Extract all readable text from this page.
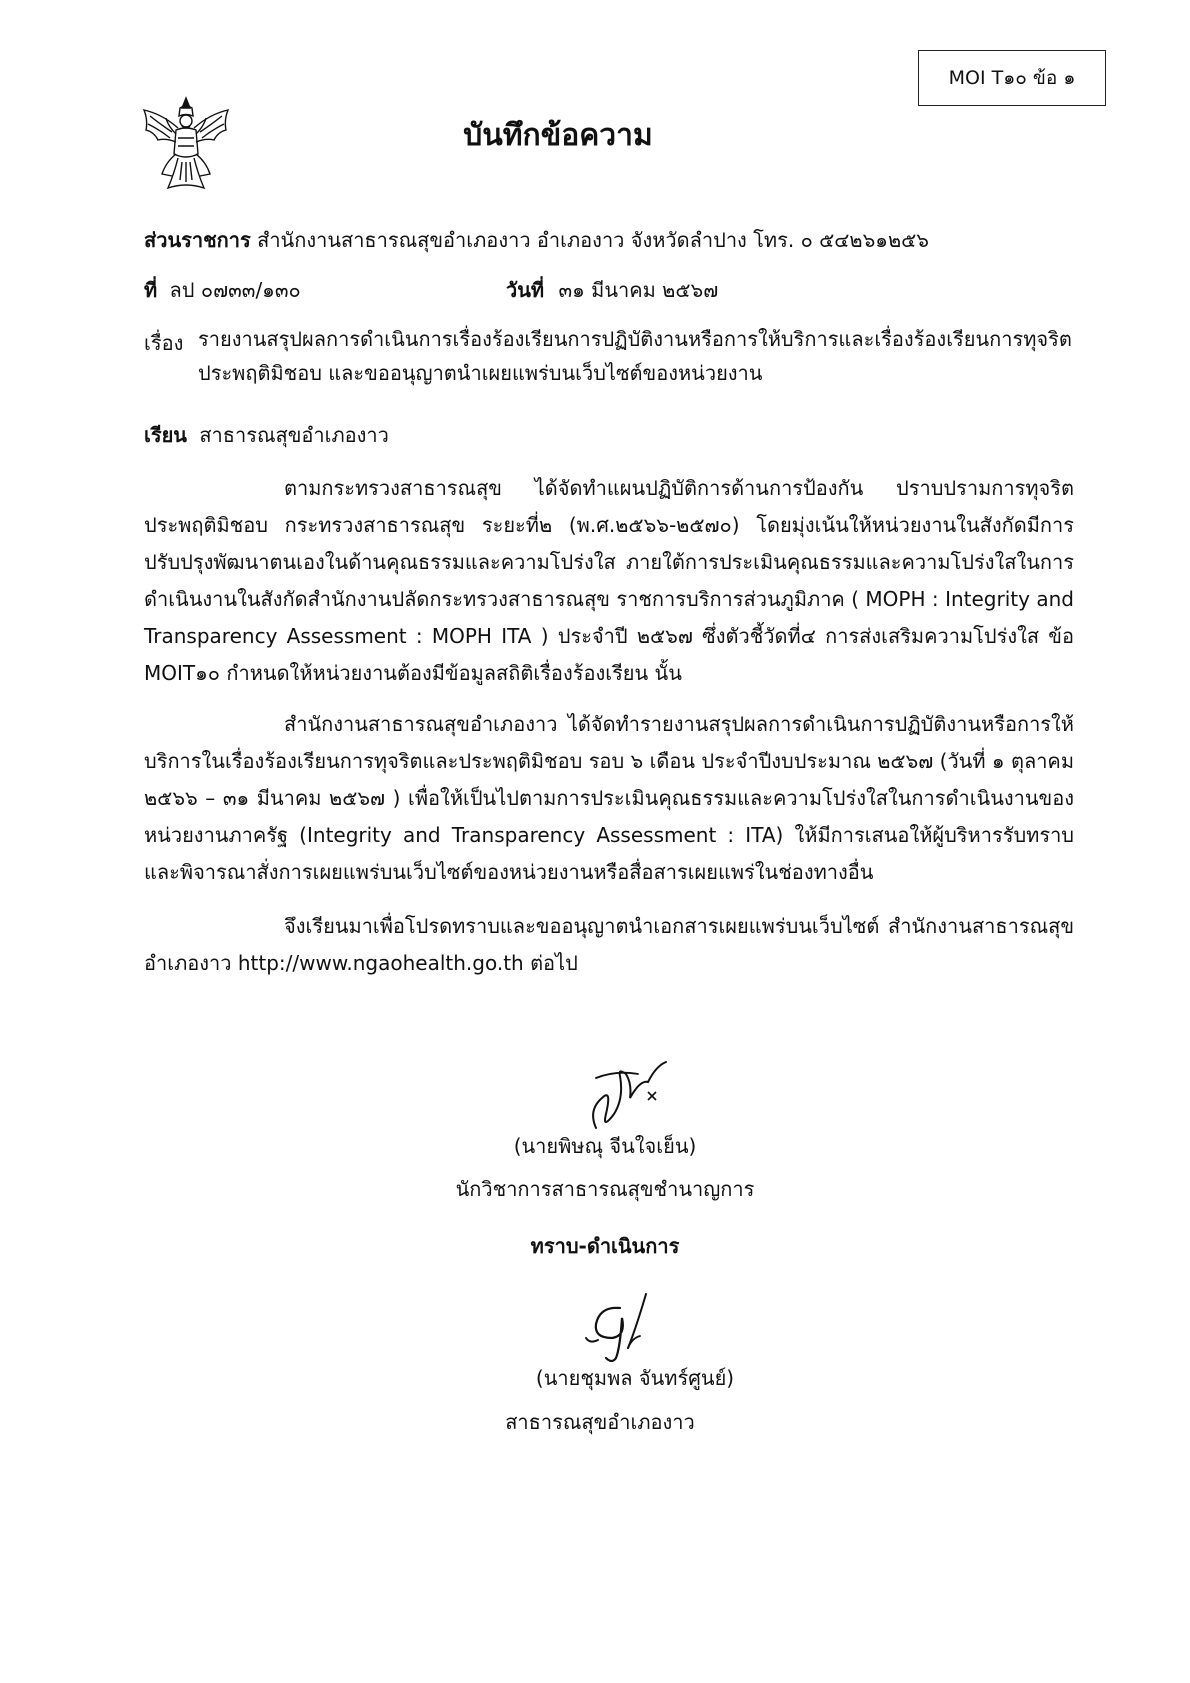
MOI T๑๐ ข้อ ๑
บันทึกข้อความ
ส่วนราชการ สำนักงานสาธารณสุขอำเภองาว อำเภองาว จังหวัดลำปาง โทร. ๐ ๕๔๒๖๑๒๕๖
ที่ ลป ๐๗๓๓/๑๓๐	วันที่ ๓๑ มีนาคม ๒๕๖๗
เรื่อง รายงานสรุปผลการดำเนินการเรื่องร้องเรียนการปฏิบัติงานหรือการให้บริการและเรื่องร้องเรียนการทุจริต ประพฤติมิชอบ และขออนุญาตนำเผยแพร่บนเว็บไซต์ของหน่วยงาน
เรียน สาธารณสุขอำเภองาว
ตามกระทรวงสาธารณสุข ได้จัดทำแผนปฏิบัติการด้านการป้องกัน ปราบปรามการทุจริตประพฤติมิชอบ กระทรวงสาธารณสุข ระยะที่๒ (พ.ศ.๒๕๖๖-๒๕๗๐) โดยมุ่งเน้นให้หน่วยงานในสังกัดมีการปรับปรุงพัฒนาตนเองในด้านคุณธรรมและความโปร่งใส ภายใต้การประเมินคุณธรรมและความโปร่งใสในการดำเนินงานในสังกัดสำนักงานปลัดกระทรวงสาธารณสุข ราชการบริการส่วนภูมิภาค ( MOPH : Integrity and Transparency Assessment : MOPH ITA ) ประจำปี ๒๕๖๗ ซึ่งตัวชี้วัดที่๔ การส่งเสริมความโปร่งใส ข้อ MOIT๑๐ กำหนดให้หน่วยงานต้องมีข้อมูลสถิติเรื่องร้องเรียน นั้น
สำนักงานสาธารณสุขอำเภองาว ได้จัดทำรายงานสรุปผลการดำเนินการปฏิบัติงานหรือการให้บริการในเรื่องร้องเรียนการทุจริตและประพฤติมิชอบ รอบ ๖ เดือน ประจำปีงบประมาณ ๒๕๖๗ (วันที่ ๑ ตุลาคม ๒๕๖๖ – ๓๑ มีนาคม ๒๕๖๗ ) เพื่อให้เป็นไปตามการประเมินคุณธรรมและความโปร่งใสในการดำเนินงานของหน่วยงานภาครัฐ (Integrity and Transparency Assessment : ITA) ให้มีการเสนอให้ผู้บริหารรับทราบและพิจารณาสั่งการเผยแพร่บนเว็บไซต์ของหน่วยงานหรือสื่อสารเผยแพร่ในช่องทางอื่น
จึงเรียนมาเพื่อโปรดทราบและขออนุญาตนำเอกสารเผยแพร่บนเว็บไซต์ สำนักงานสาธารณสุขอำเภองาว http://www.ngaohealth.go.th ต่อไป
(นายพิษณุ จีนใจเย็น)
นักวิชาการสาธารณสุขชำนาญการ
ทราบ-ดำเนินการ
(นายชุมพล จันทร์ศูนย์)
สาธารณสุขอำเภองาว
